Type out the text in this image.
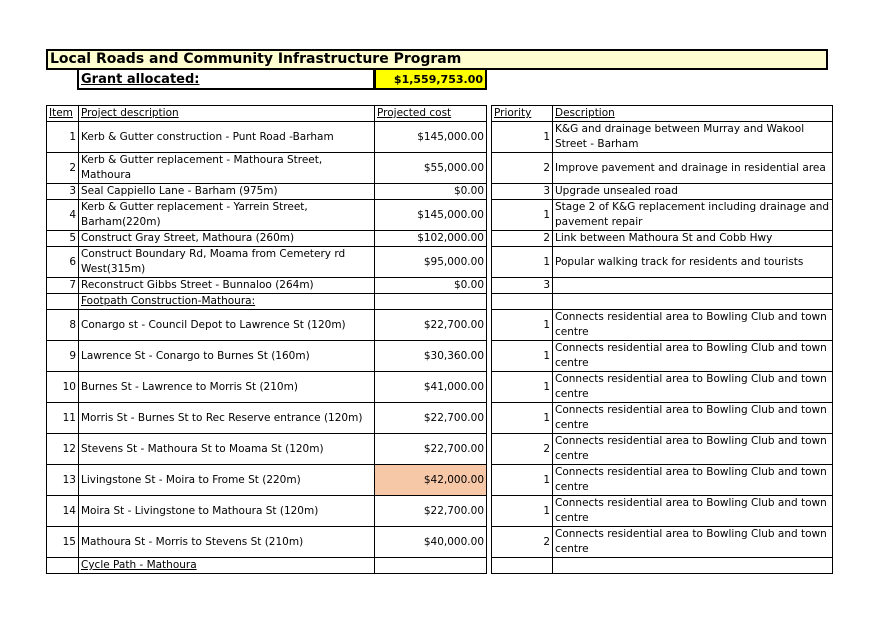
Local Roads and Community Infrastructure Program
Grant allocated:	$1,559,753.00
Item	Project description	Projected cost		Priority	Description
1	Kerb & Gutter construction - Punt Road -Barham	$145,000.00		1	K&G and drainage between Murray and Wakool Street - Barham
2	Kerb & Gutter replacement - Mathoura Street, Mathoura	$55,000.00		2	Improve pavement and drainage in residential area
3	Seal Cappiello Lane - Barham (975m)	$0.00		3	Upgrade unsealed road
4	Kerb & Gutter replacement - Yarrein Street, Barham(220m)	$145,000.00		1	Stage 2 of K&G replacement including drainage and pavement repair
5	Construct Gray Street, Mathoura (260m)	$102,000.00		2	Link between Mathoura St and Cobb Hwy
6	Construct Boundary Rd, Moama from Cemetery rd West(315m)	$95,000.00		1	Popular walking track for residents and tourists
7	Reconstruct Gibbs Street - Bunnaloo (264m)	$0.00		3	
	Footpath Construction-Mathoura:				
8	Conargo st - Council Depot to Lawrence St (120m)	$22,700.00		1	Connects residential area to Bowling Club and town centre
9	Lawrence St - Conargo to Burnes St (160m)	$30,360.00		1	Connects residential area to Bowling Club and town centre
10	Burnes St - Lawrence to Morris St (210m)	$41,000.00		1	Connects residential area to Bowling Club and town centre
11	Morris St - Burnes St to Rec Reserve entrance (120m)	$22,700.00		1	Connects residential area to Bowling Club and town centre
12	Stevens St - Mathoura St to Moama St (120m)	$22,700.00		2	Connects residential area to Bowling Club and town centre
13	Livingstone St - Moira to Frome St (220m)	$42,000.00		1	Connects residential area to Bowling Club and town centre
14	Moira St - Livingstone to Mathoura St (120m)	$22,700.00		1	Connects residential area to Bowling Club and town centre
15	Mathoura St - Morris to Stevens St (210m)	$40,000.00		2	Connects residential area to Bowling Club and town centre
	Cycle Path - Mathoura				
